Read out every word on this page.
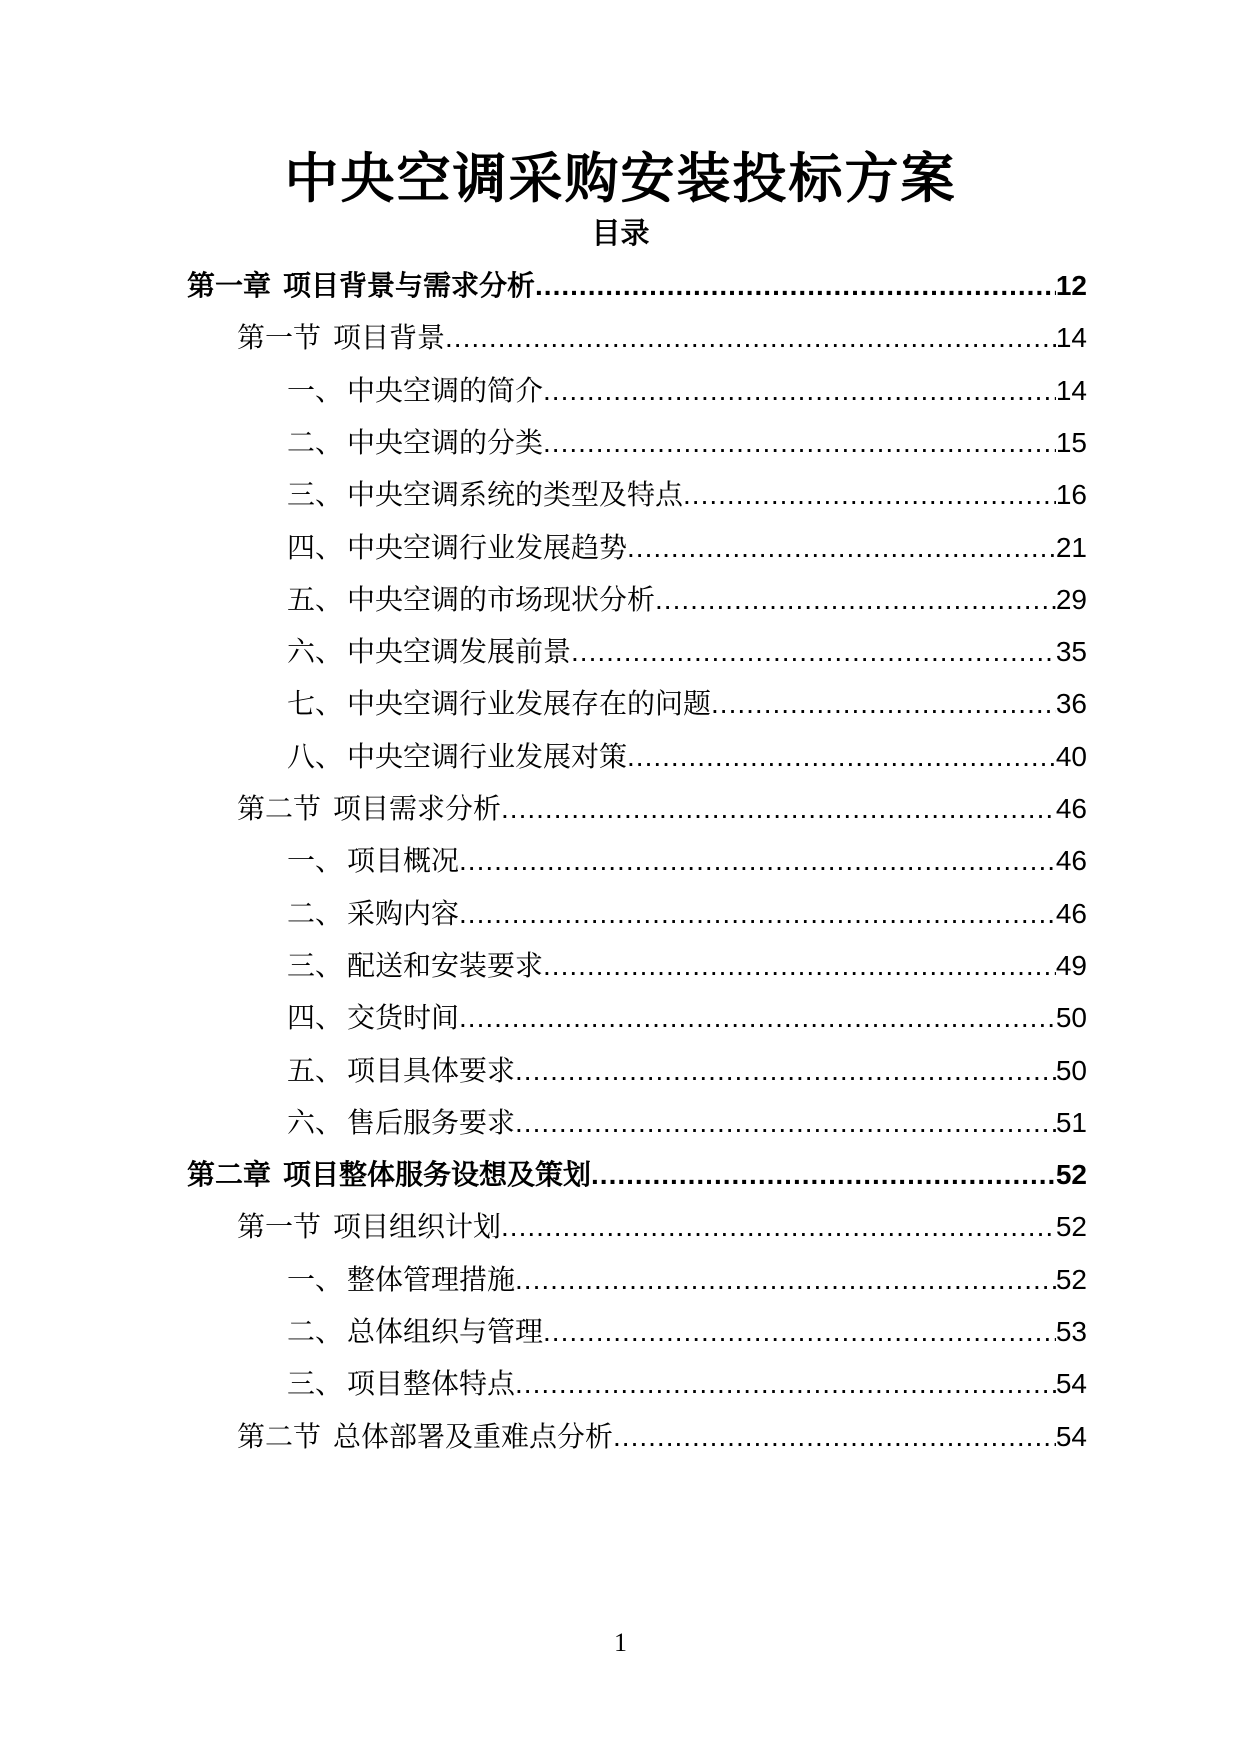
中央空调采购安装投标方案
目录
第一章 项目背景与需求分析 .....	12
第一节 项目背景 .....	14
一、 中央空调的简介 .....	14
二、 中央空调的分类 .....	15
三、 中央空调系统的类型及特点 .....	16
四、 中央空调行业发展趋势 .....	21
五、 中央空调的市场现状分析 .....	29
六、 中央空调发展前景 .....	35
七、 中央空调行业发展存在的问题 .....	36
八、 中央空调行业发展对策 .....	40
第二节 项目需求分析 .....	46
一、 项目概况 .....	46
二、 采购内容 .....	46
三、 配送和安装要求 .....	49
四、 交货时间 .....	50
五、 项目具体要求 .....	50
六、 售后服务要求 .....	51
第二章 项目整体服务设想及策划 .....	52
第一节 项目组织计划 .....	52
一、 整体管理措施 .....	52
二、 总体组织与管理 .....	53
三、 项目整体特点 .....	54
第二节 总体部署及重难点分析 .....	54
1
